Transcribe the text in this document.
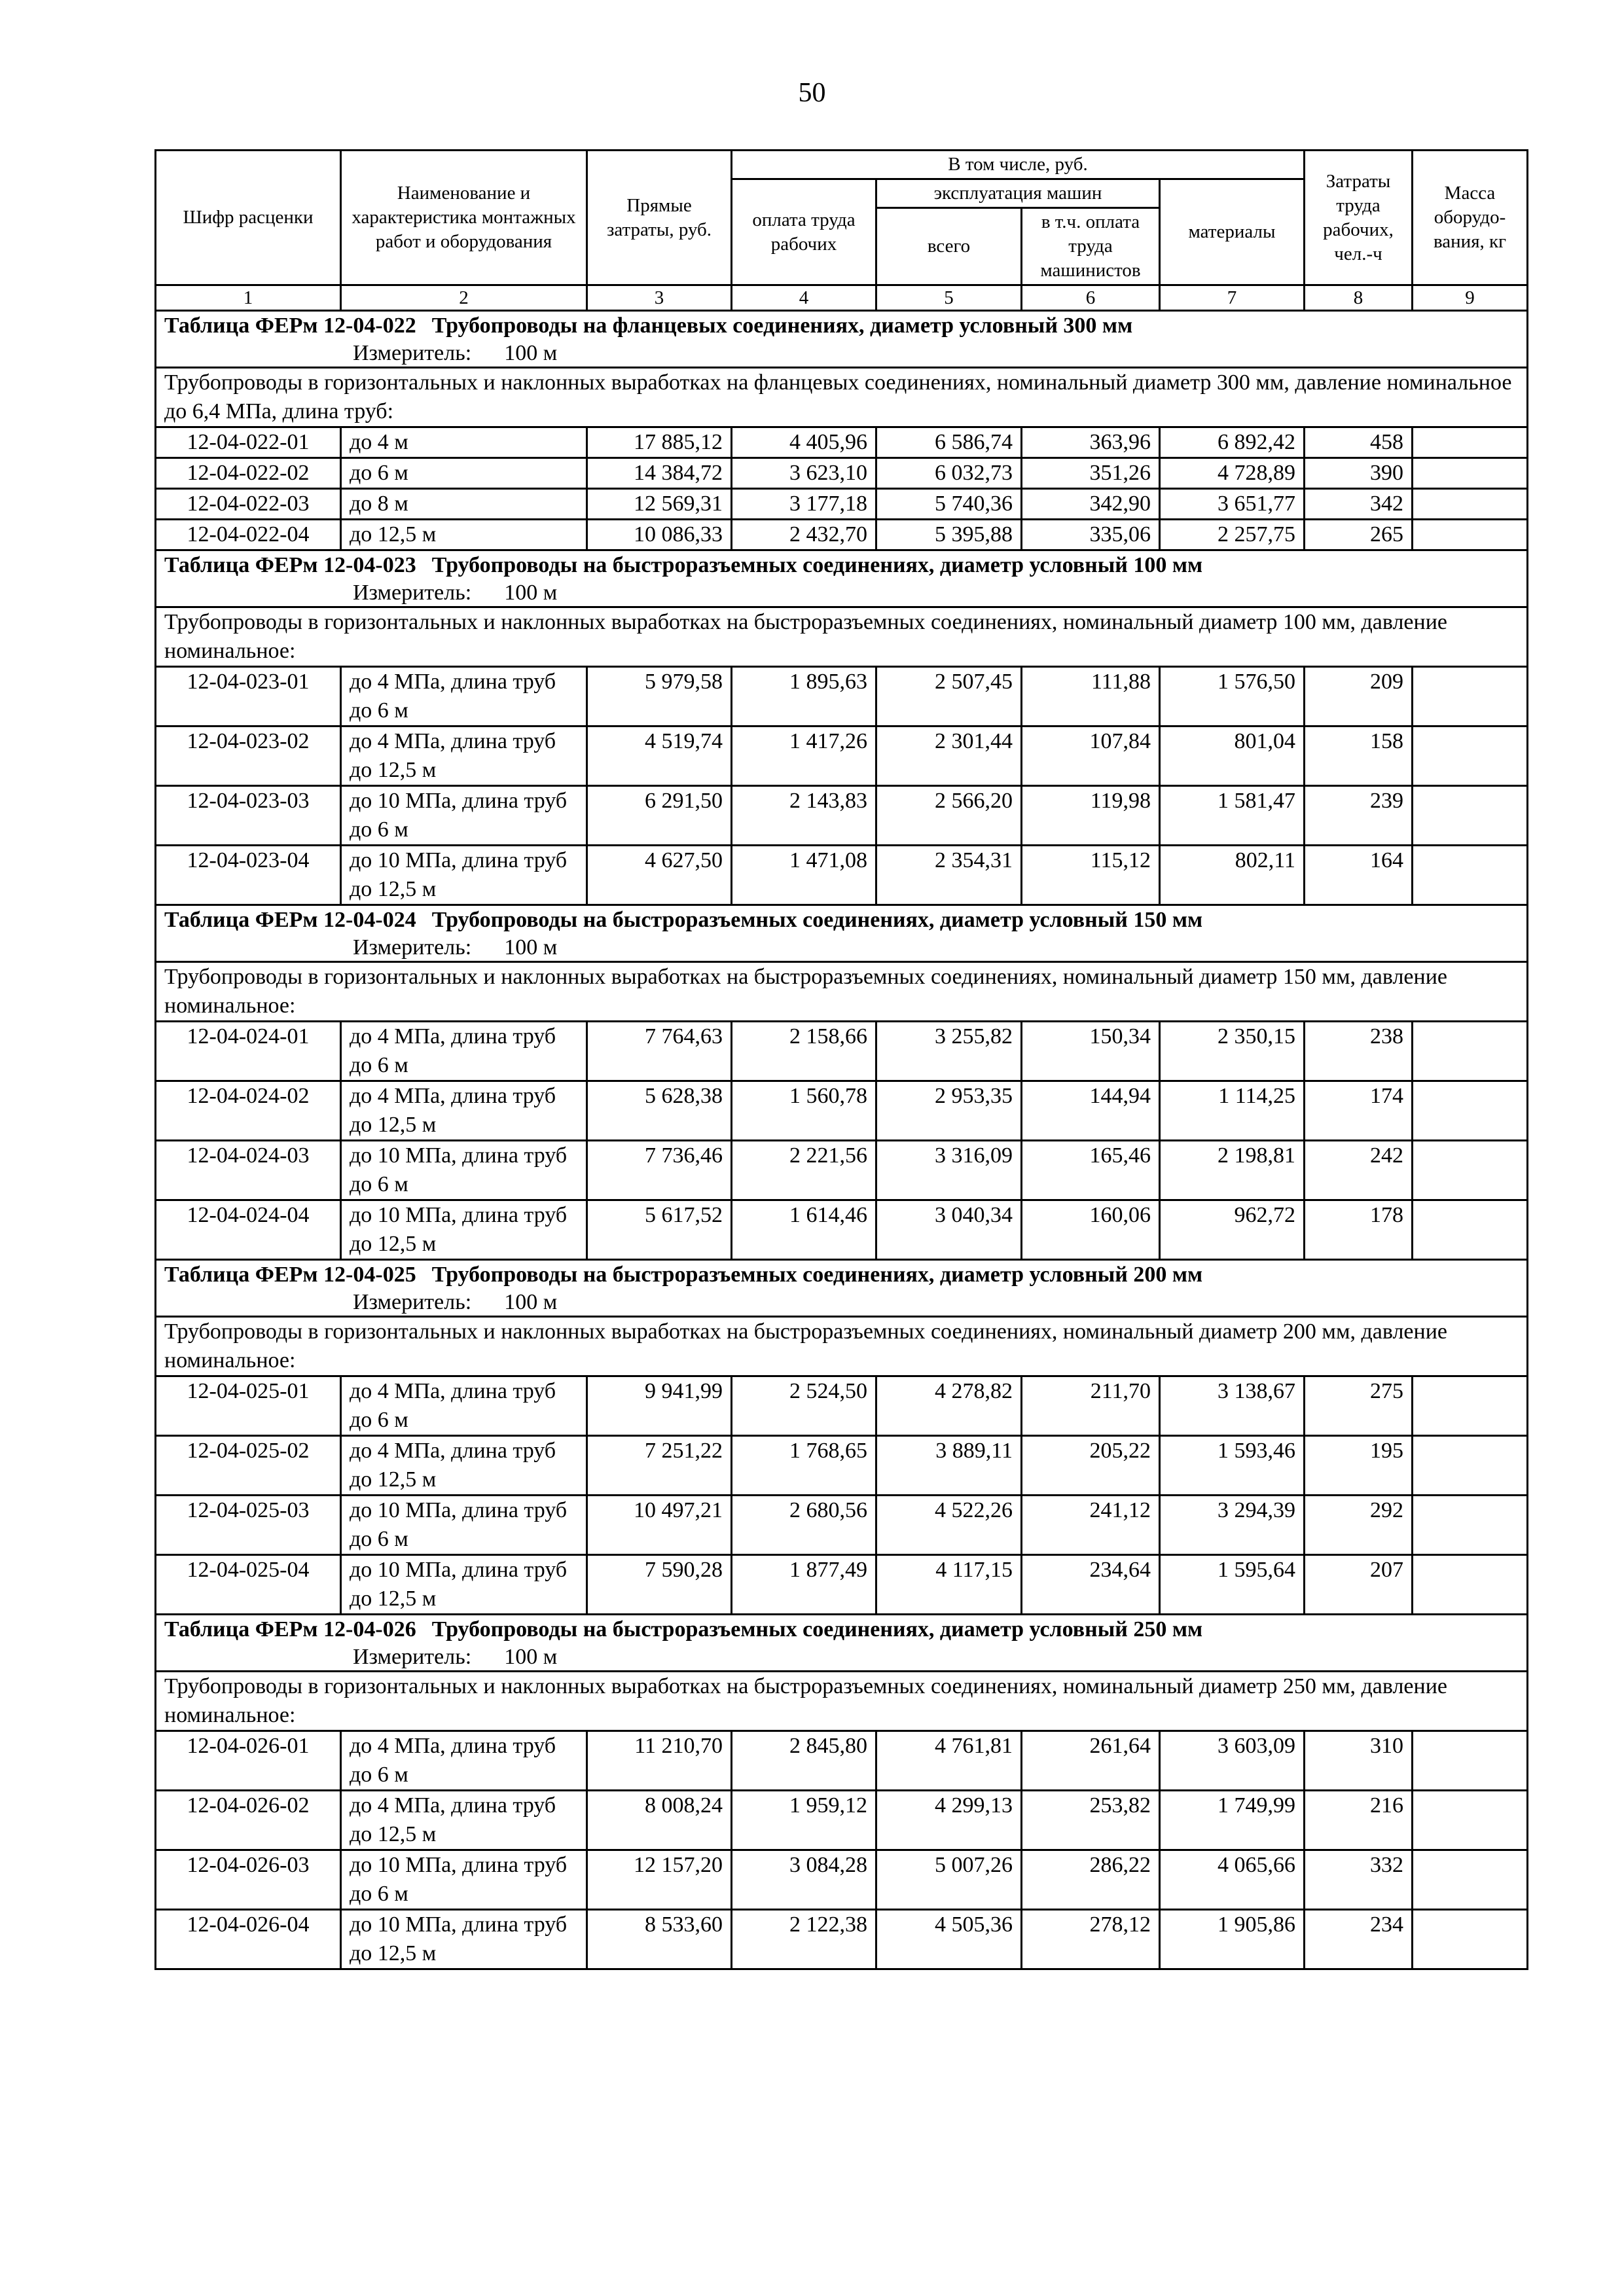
50
Шифр расценки	Наименование и характеристика монтажных работ и оборудования	Прямые затраты, руб.	В том числе, руб.				Затраты труда рабочих, чел.-ч	Масса оборудо-вания, кг
			оплата труда рабочих	эксплуатация машин		материалы		
				всего	в т.ч. оплата труда машинистов			
1	2	3	4	5	6	7	8	9

Таблица ФЕРм 12-04-022 Трубопроводы на фланцевых соединениях, диаметр условный 300 мм
Измеритель: 100 м								

Трубопроводы в горизонтальных и наклонных выработках на фланцевых соединениях, номинальный диаметр 300 мм, давление номинальное до 6,4 МПа, длина труб:								
12-04-022-01	до 4 м	17 885,12	4 405,96	6 586,74	363,96	6 892,42	458	
12-04-022-02	до 6 м	14 384,72	3 623,10	6 032,73	351,26	4 728,89	390	
12-04-022-03	до 8 м	12 569,31	3 177,18	5 740,36	342,90	3 651,77	342	
12-04-022-04	до 12,5 м	10 086,33	2 432,70	5 395,88	335,06	2 257,75	265	

Таблица ФЕРм 12-04-023 Трубопроводы на быстроразъемных соединениях, диаметр условный 100 мм
Измеритель: 100 м								

Трубопроводы в горизонтальных и наклонных выработках на быстроразъемных соединениях, номинальный диаметр 100 мм, давление номинальное:								
12-04-023-01	до 4 МПа, длина труб до 6 м	5 979,58	1 895,63	2 507,45	111,88	1 576,50	209	
12-04-023-02	до 4 МПа, длина труб до 12,5 м	4 519,74	1 417,26	2 301,44	107,84	801,04	158	
12-04-023-03	до 10 МПа, длина труб до 6 м	6 291,50	2 143,83	2 566,20	119,98	1 581,47	239	
12-04-023-04	до 10 МПа, длина труб до 12,5 м	4 627,50	1 471,08	2 354,31	115,12	802,11	164	

Таблица ФЕРм 12-04-024 Трубопроводы на быстроразъемных соединениях, диаметр условный 150 мм
Измеритель: 100 м								

Трубопроводы в горизонтальных и наклонных выработках на быстроразъемных соединениях, номинальный диаметр 150 мм, давление номинальное:								
12-04-024-01	до 4 МПа, длина труб до 6 м	7 764,63	2 158,66	3 255,82	150,34	2 350,15	238	
12-04-024-02	до 4 МПа, длина труб до 12,5 м	5 628,38	1 560,78	2 953,35	144,94	1 114,25	174	
12-04-024-03	до 10 МПа, длина труб до 6 м	7 736,46	2 221,56	3 316,09	165,46	2 198,81	242	
12-04-024-04	до 10 МПа, длина труб до 12,5 м	5 617,52	1 614,46	3 040,34	160,06	962,72	178	

Таблица ФЕРм 12-04-025 Трубопроводы на быстроразъемных соединениях, диаметр условный 200 мм
Измеритель: 100 м								

Трубопроводы в горизонтальных и наклонных выработках на быстроразъемных соединениях, номинальный диаметр 200 мм, давление номинальное:								
12-04-025-01	до 4 МПа, длина труб до 6 м	9 941,99	2 524,50	4 278,82	211,70	3 138,67	275	
12-04-025-02	до 4 МПа, длина труб до 12,5 м	7 251,22	1 768,65	3 889,11	205,22	1 593,46	195	
12-04-025-03	до 10 МПа, длина труб до 6 м	10 497,21	2 680,56	4 522,26	241,12	3 294,39	292	
12-04-025-04	до 10 МПа, длина труб до 12,5 м	7 590,28	1 877,49	4 117,15	234,64	1 595,64	207	

Таблица ФЕРм 12-04-026 Трубопроводы на быстроразъемных соединениях, диаметр условный 250 мм
Измеритель: 100 м								

Трубопроводы в горизонтальных и наклонных выработках на быстроразъемных соединениях, номинальный диаметр 250 мм, давление номинальное:								
12-04-026-01	до 4 МПа, длина труб до 6 м	11 210,70	2 845,80	4 761,81	261,64	3 603,09	310	
12-04-026-02	до 4 МПа, длина труб до 12,5 м	8 008,24	1 959,12	4 299,13	253,82	1 749,99	216	
12-04-026-03	до 10 МПа, длина труб до 6 м	12 157,20	3 084,28	5 007,26	286,22	4 065,66	332	
12-04-026-04	до 10 МПа, длина труб до 12,5 м	8 533,60	2 122,38	4 505,36	278,12	1 905,86	234	
